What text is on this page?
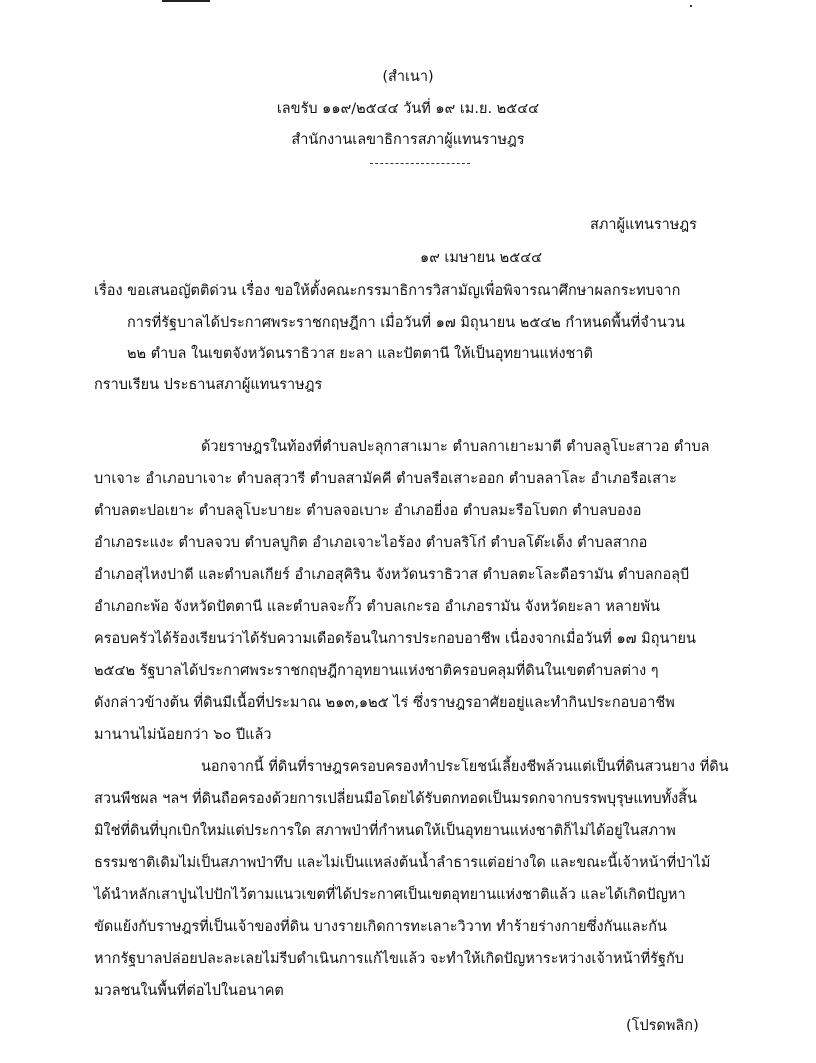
(สำเนา)
เลขรับ ๑๑๙/๒๕๔๔ วันที่ ๑๙ เม.ย. ๒๕๔๔
สำนักงานเลขาธิการสภาผู้แทนราษฎร
สภาผู้แทนราษฎร
๑๙ เมษายน ๒๕๔๔
เรื่อง ขอเสนอญัตติด่วน เรื่อง ขอให้ตั้งคณะกรรมาธิการวิสามัญเพื่อพิจารณาศึกษาผลกระทบจาก
การที่รัฐบาลได้ประกาศพระราชกฤษฎีกา เมื่อวันที่ ๑๗ มิถุนายน ๒๕๔๒ กำหนดพื้นที่จำนวน
๒๒ ตำบล ในเขตจังหวัดนราธิวาส ยะลา และปัตตานี ให้เป็นอุทยานแห่งชาติ
กราบเรียน ประธานสภาผู้แทนราษฎร
ด้วยราษฎรในท้องที่ตำบลปะลุกาสาเมาะ ตำบลกาเยาะมาตี ตำบลลูโบะสาวอ ตำบล
บาเจาะ อำเภอบาเจาะ ตำบลสุวารี ตำบลสามัคคี ตำบลรือเสาะออก ตำบลลาโละ อำเภอรือเสาะ
ตำบลตะปอเยาะ ตำบลลูโบะบายะ ตำบลจอเบาะ อำเภอยี่งอ ตำบลมะรือโบตก ตำบลบองอ
อำเภอระแงะ ตำบลจวบ ตำบลบูกิต อำเภอเจาะไอร้อง ตำบลริโก๋ ตำบลโต๊ะเด็ง ตำบลสากอ
อำเภอสุไหงปาดี และตำบลเกียร์ อำเภอสุคิริน จังหวัดนราธิวาส ตำบลตะโละดือรามัน ตำบลกอลุบี
อำเภอกะพ้อ จังหวัดปัตตานี และตำบลจะกั๊ว ตำบลเกะรอ อำเภอรามัน จังหวัดยะลา หลายพัน
ครอบครัวได้ร้องเรียนว่าได้รับความเดือดร้อนในการประกอบอาชีพ เนื่องจากเมื่อวันที่ ๑๗ มิถุนายน
๒๕๔๒ รัฐบาลได้ประกาศพระราชกฤษฎีกาอุทยานแห่งชาติครอบคลุมที่ดินในเขตตำบลต่าง ๆ
ดังกล่าวข้างต้น ที่ดินมีเนื้อที่ประมาณ ๒๑๓,๑๒๕ ไร่ ซึ่งราษฎรอาศัยอยู่และทำกินประกอบอาชีพ
มานานไม่น้อยกว่า ๖๐ ปีแล้ว
นอกจากนี้ ที่ดินที่ราษฎรครอบครองทำประโยชน์เลี้ยงชีพล้วนแต่เป็นที่ดินสวนยาง ที่ดิน
สวนพืชผล ฯลฯ ที่ดินถือครองด้วยการเปลี่ยนมือโดยได้รับตกทอดเป็นมรดกจากบรรพบุรุษแทบทั้งสิ้น
มิใช่ที่ดินที่บุกเบิกใหม่แต่ประการใด สภาพป่าที่กำหนดให้เป็นอุทยานแห่งชาติก็ไม่ได้อยู่ในสภาพ
ธรรมชาติเดิมไม่เป็นสภาพป่าทึบ และไม่เป็นแหล่งต้นน้ำลำธารแต่อย่างใด และขณะนี้เจ้าหน้าที่ป่าไม้
ได้นำหลักเสาปูนไปปักไว้ตามแนวเขตที่ได้ประกาศเป็นเขตอุทยานแห่งชาติแล้ว และได้เกิดปัญหา
ขัดแย้งกับราษฎรที่เป็นเจ้าของที่ดิน บางรายเกิดการทะเลาะวิวาท ทำร้ายร่างกายซึ่งกันและกัน
หากรัฐบาลปล่อยปละละเลยไม่รีบดำเนินการแก้ไขแล้ว จะทำให้เกิดปัญหาระหว่างเจ้าหน้าที่รัฐกับ
มวลชนในพื้นที่ต่อไปในอนาคต
(โปรดพลิก)
